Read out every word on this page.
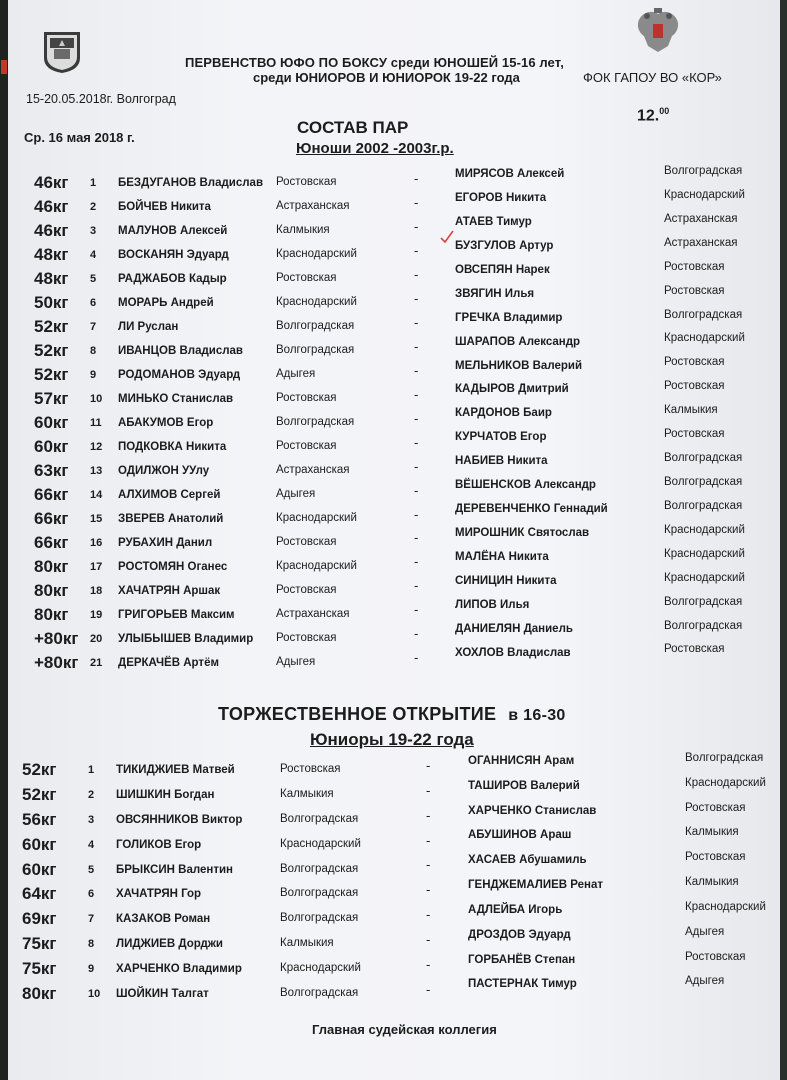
ПЕРВЕНСТВО ЮФО ПО БОКСУ среди ЮНОШЕЙ 15-16 лет,
среди ЮНИОРОВ И ЮНИОРОК 19-22 года
15-20.05.2018г. Волгоград
ФОК ГАПОУ ВО «КОР»
12.00
Ср. 16 мая 2018 г.
СОСТАВ ПАР
Юноши 2002 -2003г.р.
46кг 1 БЕЗДУГАНОВ Владислав Ростовская	-	МИРЯСОВ Алексей	Волгоградская
46кг 2 БОЙЧЕВ Никита	Астраханская	-	ЕГОРОВ Никита	Краснодарский
46кг 3 МАЛУНОВ Алексей	Калмыкия	-	АТАЕВ Тимур	Астраханская
48кг 4 ВОСКАНЯН Эдуард	Краснодарский	-	БУЗГУЛОВ Артур	Астраханская
48кг 5 РАДЖАБОВ Кадыр	Ростовская	-	ОВСЕПЯН Нарек	Ростовская
50кг 6 МОРАРЬ Андрей	Краснодарский	-	ЗВЯГИН Илья	Ростовская
52кг 7 ЛИ Руслан	Волгоградская	-	ГРЕЧКА Владимир	Волгоградская
52кг 8 ИВАНЦОВ Владислав	Волгоградская	-	ШАРАПОВ Александр	Краснодарский
52кг 9 РОДОМАНОВ Эдуард	Адыгея	-	МЕЛЬНИКОВ Валерий	Ростовская
57кг 10 МИНЬКО Станислав	Ростовская	-	КАДЫРОВ Дмитрий	Ростовская
60кг 11 АБАКУМОВ Егор	Волгоградская	-	КАРДОНОВ Баир	Калмыкия
60кг 12 ПОДКОВКА Никита	Ростовская	-	КУРЧАТОВ Егор	Ростовская
63кг 13 ОДИЛЖОН УУлу	Астраханская	-	НАБИЕВ Никита	Волгоградская
66кг 14 АЛХИМОВ Сергей	Адыгея	-	ВЁШЕНСКОВ Александр	Волгоградская
66кг 15 ЗВЕРЕВ Анатолий	Краснодарский	-	ДЕРЕВЕНЧЕНКО Геннадий	Волгоградская
66кг 16 РУБАХИН Данил	Ростовская	-	МИРОШНИК Святослав	Краснодарский
80кг 17 РОСТОМЯН Оганес	Краснодарский	-	МАЛЁНА Никита	Краснодарский
80кг 18 ХАЧАТРЯН Аршак	Ростовская	-	СИНИЦИН Никита	Краснодарский
80кг 19 ГРИГОРЬЕВ Максим	Астраханская	-	ЛИПОВ Илья	Волгоградская
+80кг 20 УЛЫБЫШЕВ Владимир Ростовская	-	ДАНИЕЛЯН Даниель	Волгоградская
+80кг 21 ДЕРКАЧЁВ Артём	Адыгея	-	ХОХЛОВ Владислав	Ростовская
ТОРЖЕСТВЕННОЕ ОТКРЫТИЕ в 16-30
Юниоры 19-22 года
52кг	1 ТИКИДЖИЕВ Матвей	Ростовская	-	ОГАННИСЯН Арам	Волгоградская
52кг	2 ШИШКИН Богдан	Калмыкия	-	ТАШИРОВ Валерий	Краснодарский
56кг	3 ОВСЯННИКОВ Виктор	Волгоградская	-	ХАРЧЕНКО Станислав	Ростовская
60кг	4 ГОЛИКОВ Егор	Краснодарский	-	АБУШИНОВ Араш	Калмыкия
60кг	5 БРЫКСИН Валентин	Волгоградская	-	ХАСАЕВ Абушамиль	Ростовская
64кг	6 ХАЧАТРЯН Гор	Волгоградская	-	ГЕНДЖЕМАЛИЕВ Ренат	Калмыкия
69кг	7 КАЗАКОВ Роман	Волгоградская	-	АДЛЕЙБА Игорь	Краснодарский
75кг	8 ЛИДЖИЕВ Дорджи	Калмыкия	-	ДРОЗДОВ Эдуард	Адыгея
75кг	9 ХАРЧЕНКО Владимир	Краснодарский	-	ГОРБАНЁВ Степан	Ростовская
80кг	10 ШОЙКИН Талгат	Волгоградская	-	ПАСТЕРНАК Тимур	Адыгея
Главная судейская коллегия
